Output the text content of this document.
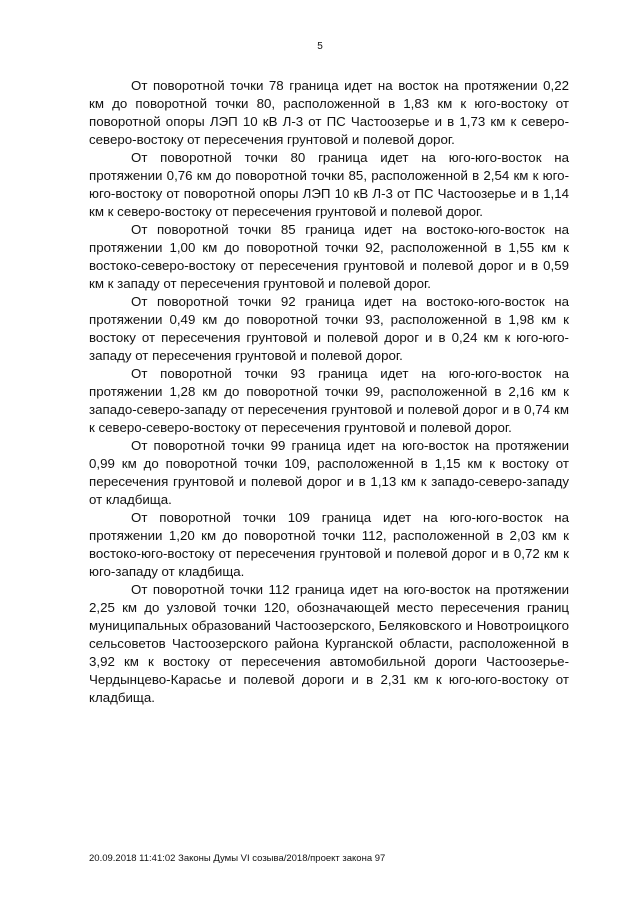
5

От поворотной точки 78 граница идет на восток на протяжении 0,22 км до поворотной точки 80, расположенной в 1,83 км к юго-востоку от поворотной опоры ЛЭП 10 кВ Л-3 от ПС Частоозерье и в 1,73 км к северо-северо-востоку от пересечения грунтовой и полевой дорог.

От поворотной точки 80 граница идет на юго-юго-восток на протяжении 0,76 км до поворотной точки 85, расположенной в 2,54 км к юго-юго-востоку от поворотной опоры ЛЭП 10 кВ Л-3 от ПС Частоозерье и в 1,14 км к северо-востоку от пересечения грунтовой и полевой дорог.

От поворотной точки 85 граница идет на востоко-юго-восток на протяжении 1,00 км до поворотной точки 92, расположенной в 1,55 км к востоко-северо-востоку от пересечения грунтовой и полевой дорог и в 0,59 км к западу от пересечения грунтовой и полевой дорог.

От поворотной точки 92 граница идет на востоко-юго-восток на протяжении 0,49 км до поворотной точки 93, расположенной в 1,98 км к востоку от пересечения грунтовой и полевой дорог и в 0,24 км к юго-юго-западу от пересечения грунтовой и полевой дорог.

От поворотной точки 93 граница идет на юго-юго-восток на протяжении 1,28 км до поворотной точки 99, расположенной в 2,16 км к западо-северо-западу от пересечения грунтовой и полевой дорог и в 0,74 км к северо-северо-востоку от пересечения грунтовой и полевой дорог.

От поворотной точки 99 граница идет на юго-восток на протяжении 0,99 км до поворотной точки 109, расположенной в 1,15 км к востоку от пересечения грунтовой и полевой дорог и в 1,13 км к западо-северо-западу от кладбища.

От поворотной точки 109 граница идет на юго-юго-восток на протяжении 1,20 км до поворотной точки 112, расположенной в 2,03 км к востоко-юго-востоку от пересечения грунтовой и полевой дорог и в 0,72 км к юго-западу от кладбища.

От поворотной точки 112 граница идет на юго-восток на протяжении 2,25 км до узловой точки 120, обозначающей место пересечения границ муниципальных образований Частоозерского, Беляковского и Новотроицкого сельсоветов Частоозерского района Курганской области, расположенной в 3,92 км к востоку от пересечения автомобильной дороги Частоозерье-Чердынцево-Карасье и полевой дороги и в 2,31 км к юго-юго-востоку от кладбища.

20.09.2018 11:41:02 Законы Думы VI созыва/2018/проект закона 97
